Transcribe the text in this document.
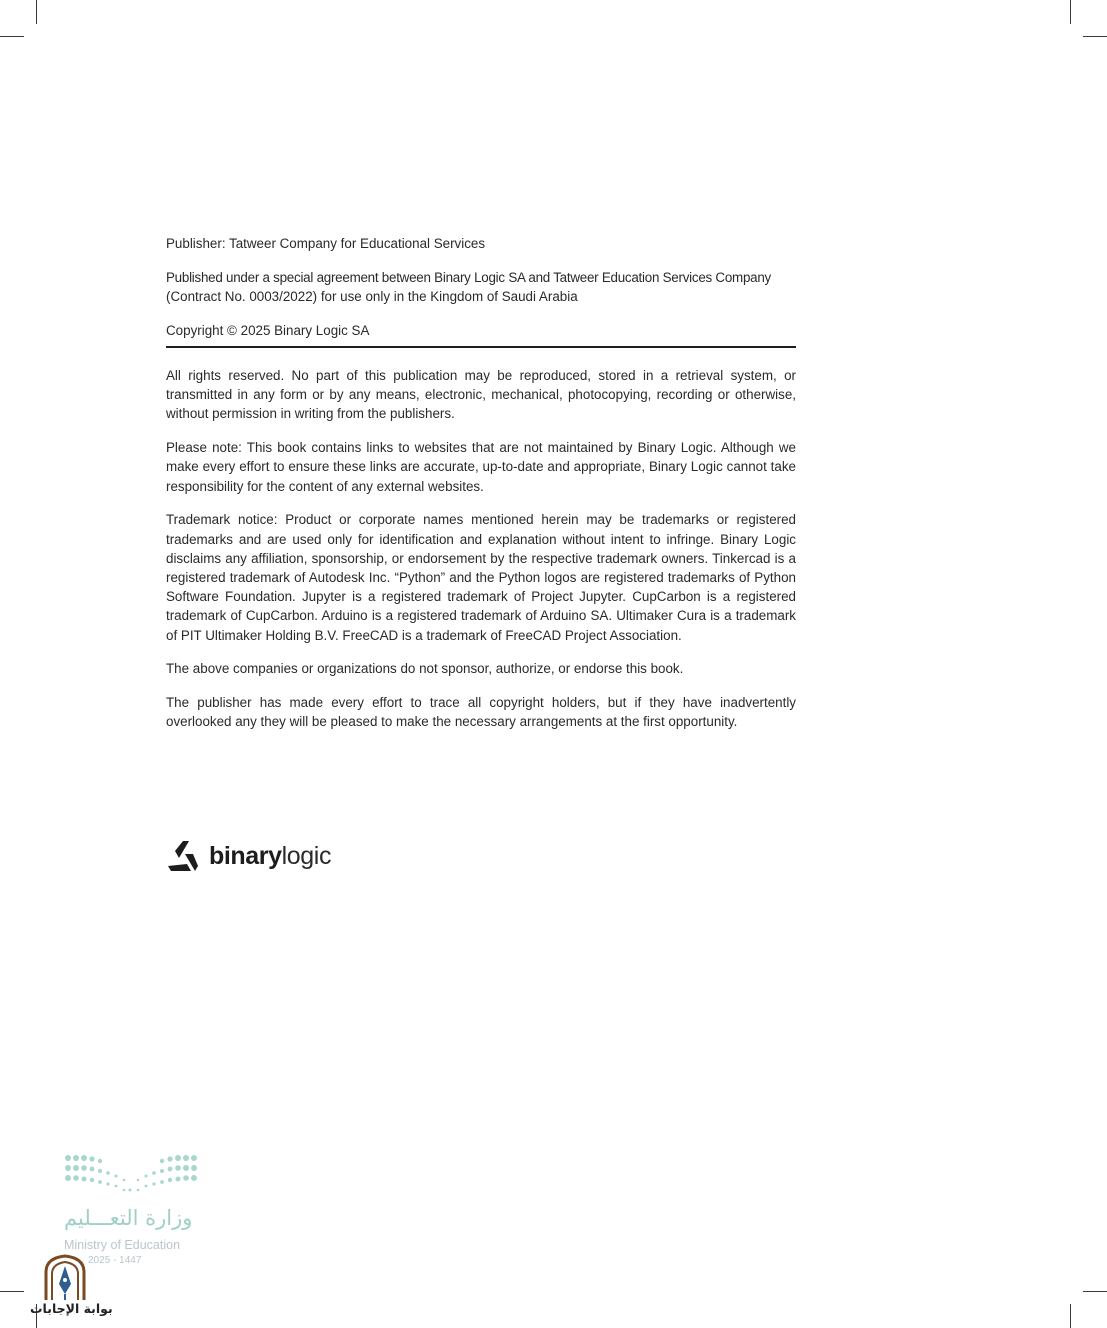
Publisher: Tatweer Company for Educational Services

Published under a special agreement between Binary Logic SA and Tatweer Education Services Company
(Contract No. 0003/2022) for use only in the Kingdom of Saudi Arabia

Copyright © 2025 Binary Logic SA

All rights reserved. No part of this publication may be reproduced, stored in a retrieval system, or transmitted in any form or by any means, electronic, mechanical, photocopying, recording or otherwise, without permission in writing from the publishers.

Please note: This book contains links to websites that are not maintained by Binary Logic. Although we make every effort to ensure these links are accurate, up-to-date and appropriate, Binary Logic cannot take responsibility for the content of any external websites.

Trademark notice: Product or corporate names mentioned herein may be trademarks or registered trademarks and are used only for identification and explanation without intent to infringe. Binary Logic disclaims any affiliation, sponsorship, or endorsement by the respective trademark owners. Tinkercad is a registered trademark of Autodesk Inc. “Python” and the Python logos are registered trademarks of Python Software Foundation. Jupyter is a registered trademark of Project Jupyter. CupCarbon is a registered trademark of CupCarbon. Arduino is a registered trademark of Arduino SA. Ultimaker Cura is a trademark of PIT Ultimaker Holding B.V. FreeCAD is a trademark of FreeCAD Project Association.

The above companies or organizations do not sponsor, authorize, or endorse this book.

The publisher has made every effort to trace all copyright holders, but if they have inadvertently overlooked any they will be pleased to make the necessary arrangements at the first opportunity.

binarylogic
وزارة التعـــليم
Ministry of Education
2025 - 1447
بوابة الإجابات
